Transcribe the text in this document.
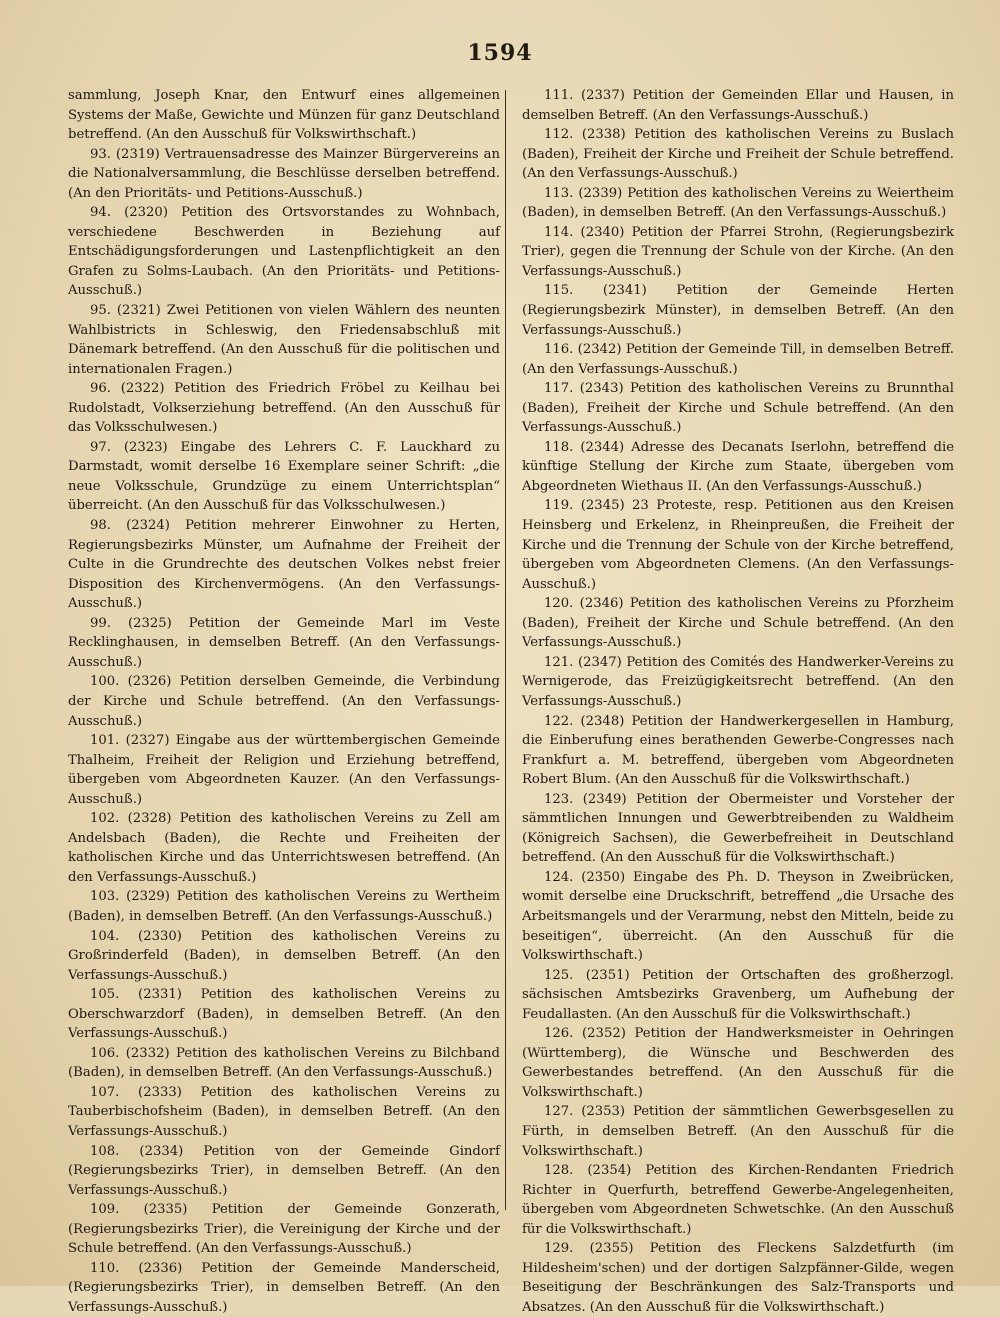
1594

sammlung, Joseph Knar, den Entwurf eines allgemeinen Systems der Maße, Gewichte und Münzen für ganz Deutschland betreffend. (An den Ausschuß für Volkswirthschaft.)

93. (2319) Vertrauensadresse des Mainzer Bürgervereins an die Nationalversammlung, die Beschlüsse derselben betreffend. (An den Prioritäts- und Petitions-Ausschuß.)

94. (2320) Petition des Ortsvorstandes zu Wohnbach, verschiedene Beschwerden in Beziehung auf Entschädigungsforderungen und Lastenpflichtigkeit an den Grafen zu Solms-Laubach. (An den Prioritäts- und Petitions-Ausschuß.)

95. (2321) Zwei Petitionen von vielen Wählern des neunten Wahlbistricts in Schleswig, den Friedensabschluß mit Dänemark betreffend. (An den Ausschuß für die politischen und internationalen Fragen.)

96. (2322) Petition des Friedrich Fröbel zu Keilhau bei Rudolstadt, Volkserziehung betreffend. (An den Ausschuß für das Volksschulwesen.)

97. (2323) Eingabe des Lehrers C. F. Lauckhard zu Darmstadt, womit derselbe 16 Exemplare seiner Schrift: „die neue Volksschule, Grundzüge zu einem Unterrichtsplan“ überreicht. (An den Ausschuß für das Volksschulwesen.)

98. (2324) Petition mehrerer Einwohner zu Herten, Regierungsbezirks Münster, um Aufnahme der Freiheit der Culte in die Grundrechte des deutschen Volkes nebst freier Disposition des Kirchenvermögens. (An den Verfassungs-Ausschuß.)

99. (2325) Petition der Gemeinde Marl im Veste Recklinghausen, in demselben Betreff. (An den Verfassungs-Ausschuß.)

100. (2326) Petition derselben Gemeinde, die Verbindung der Kirche und Schule betreffend. (An den Verfassungs-Ausschuß.)

101. (2327) Eingabe aus der württembergischen Gemeinde Thalheim, Freiheit der Religion und Erziehung betreffend, übergeben vom Abgeordneten Kauzer. (An den Verfassungs-Ausschuß.)

102. (2328) Petition des katholischen Vereins zu Zell am Andelsbach (Baden), die Rechte und Freiheiten der katholischen Kirche und das Unterrichtswesen betreffend. (An den Verfassungs-Ausschuß.)

103. (2329) Petition des katholischen Vereins zu Wertheim (Baden), in demselben Betreff. (An den Verfassungs-Ausschuß.)

104. (2330) Petition des katholischen Vereins zu Großrinderfeld (Baden), in demselben Betreff. (An den Verfassungs-Ausschuß.)

105. (2331) Petition des katholischen Vereins zu Oberschwarzdorf (Baden), in demselben Betreff. (An den Verfassungs-Ausschuß.)

106. (2332) Petition des katholischen Vereins zu Bilchband (Baden), in demselben Betreff. (An den Verfassungs-Ausschuß.)

107. (2333) Petition des katholischen Vereins zu Tauberbischofsheim (Baden), in demselben Betreff. (An den Verfassungs-Ausschuß.)

108. (2334) Petition von der Gemeinde Gindorf (Regierungsbezirks Trier), in demselben Betreff. (An den Verfassungs-Ausschuß.)

109. (2335) Petition der Gemeinde Gonzerath, (Regierungsbezirks Trier), die Vereinigung der Kirche und der Schule betreffend. (An den Verfassungs-Ausschuß.)

110. (2336) Petition der Gemeinde Manderscheid, (Regierungsbezirks Trier), in demselben Betreff. (An den Verfassungs-Ausschuß.)

111. (2337) Petition der Gemeinden Ellar und Hausen, in demselben Betreff. (An den Verfassungs-Ausschuß.)

112. (2338) Petition des katholischen Vereins zu Buslach (Baden), Freiheit der Kirche und Freiheit der Schule betreffend. (An den Verfassungs-Ausschuß.)

113. (2339) Petition des katholischen Vereins zu Weiertheim (Baden), in demselben Betreff. (An den Verfassungs-Ausschuß.)

114. (2340) Petition der Pfarrei Strohn, (Regierungsbezirk Trier), gegen die Trennung der Schule von der Kirche. (An den Verfassungs-Ausschuß.)

115. (2341) Petition der Gemeinde Herten (Regierungsbezirk Münster), in demselben Betreff. (An den Verfassungs-Ausschuß.)

116. (2342) Petition der Gemeinde Till, in demselben Betreff. (An den Verfassungs-Ausschuß.)

117. (2343) Petition des katholischen Vereins zu Brunnthal (Baden), Freiheit der Kirche und Schule betreffend. (An den Verfassungs-Ausschuß.)

118. (2344) Adresse des Decanats Iserlohn, betreffend die künftige Stellung der Kirche zum Staate, übergeben vom Abgeordneten Wiethaus II. (An den Verfassungs-Ausschuß.)

119. (2345) 23 Proteste, resp. Petitionen aus den Kreisen Heinsberg und Erkelenz, in Rheinpreußen, die Freiheit der Kirche und die Trennung der Schule von der Kirche betreffend, übergeben vom Abgeordneten Clemens. (An den Verfassungs-Ausschuß.)

120. (2346) Petition des katholischen Vereins zu Pforzheim (Baden), Freiheit der Kirche und Schule betreffend. (An den Verfassungs-Ausschuß.)

121. (2347) Petition des Comités des Handwerker-Vereins zu Wernigerode, das Freizügigkeitsrecht betreffend. (An den Verfassungs-Ausschuß.)

122. (2348) Petition der Handwerkergesellen in Hamburg, die Einberufung eines berathenden Gewerbe-Congresses nach Frankfurt a. M. betreffend, übergeben vom Abgeordneten Robert Blum. (An den Ausschuß für die Volkswirthschaft.)

123. (2349) Petition der Obermeister und Vorsteher der sämmtlichen Innungen und Gewerbtreibenden zu Waldheim (Königreich Sachsen), die Gewerbefreiheit in Deutschland betreffend. (An den Ausschuß für die Volkswirthschaft.)

124. (2350) Eingabe des Ph. D. Theyson in Zweibrücken, womit derselbe eine Druckschrift, betreffend „die Ursache des Arbeitsmangels und der Verarmung, nebst den Mitteln, beide zu beseitigen“, überreicht. (An den Ausschuß für die Volkswirthschaft.)

125. (2351) Petition der Ortschaften des großherzogl. sächsischen Amtsbezirks Gravenberg, um Aufhebung der Feudallasten. (An den Ausschuß für die Volkswirthschaft.)

126. (2352) Petition der Handwerksmeister in Oehringen (Württemberg), die Wünsche und Beschwerden des Gewerbestandes betreffend. (An den Ausschuß für die Volkswirthschaft.)

127. (2353) Petition der sämmtlichen Gewerbsgesellen zu Fürth, in demselben Betreff. (An den Ausschuß für die Volkswirthschaft.)

128. (2354) Petition des Kirchen-Rendanten Friedrich Richter in Querfurth, betreffend Gewerbe-Angelegenheiten, übergeben vom Abgeordneten Schwetschke. (An den Ausschuß für die Volkswirthschaft.)

129. (2355) Petition des Fleckens Salzdetfurth (im Hildesheim'schen) und der dortigen Salzpfänner-Gilde, wegen Beseitigung der Beschränkungen des Salz-Transports und Absatzes. (An den Ausschuß für die Volkswirthschaft.)
